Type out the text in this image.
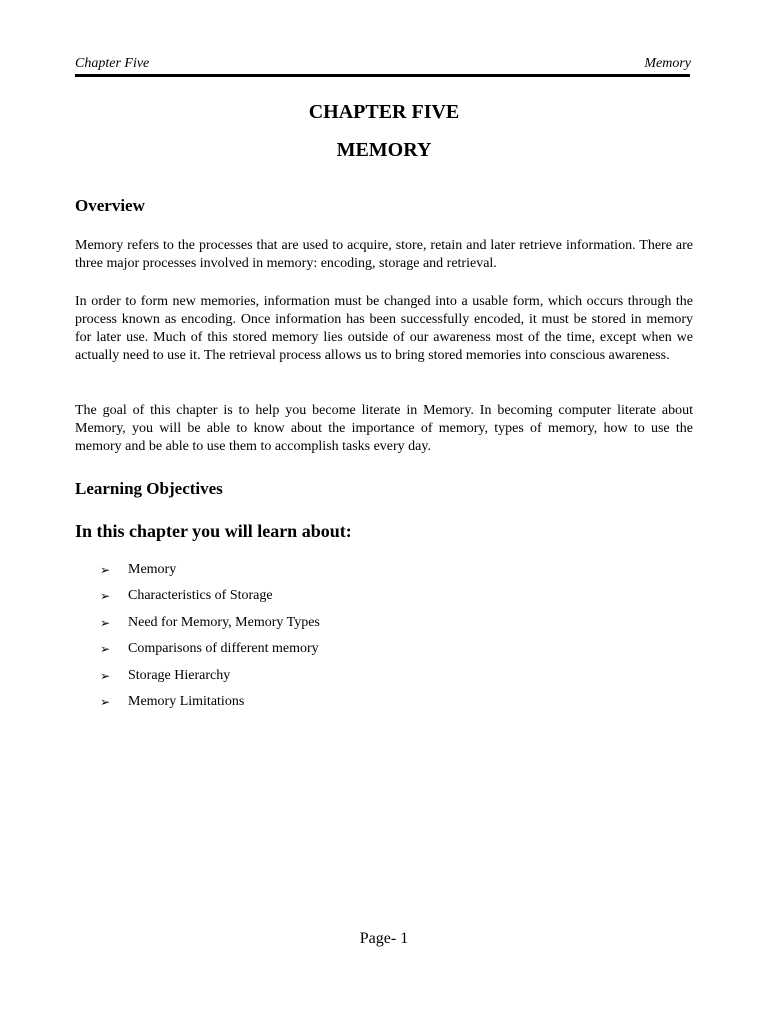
Chapter Five	Memory
CHAPTER FIVE
MEMORY
Overview

Memory refers to the processes that are used to acquire, store, retain and later retrieve information. There are three major processes involved in memory: encoding, storage and retrieval.

In order to form new memories, information must be changed into a usable form, which occurs through the process known as encoding. Once information has been successfully encoded, it must be stored in memory for later use. Much of this stored memory lies outside of our awareness most of the time, except when we actually need to use it. The retrieval process allows us to bring stored memories into conscious awareness.

The goal of this chapter is to help you become literate in Memory. In becoming computer literate about Memory, you will be able to know about the importance of memory, types of memory, how to use the memory and be able to use them to accomplish tasks every day.

Learning Objectives
In this chapter you will learn about:
➢	Memory
➢	Characteristics of Storage
➢	Need for Memory, Memory Types
➢	Comparisons of different memory
➢	Storage Hierarchy
➢	Memory Limitations
Page- 1
